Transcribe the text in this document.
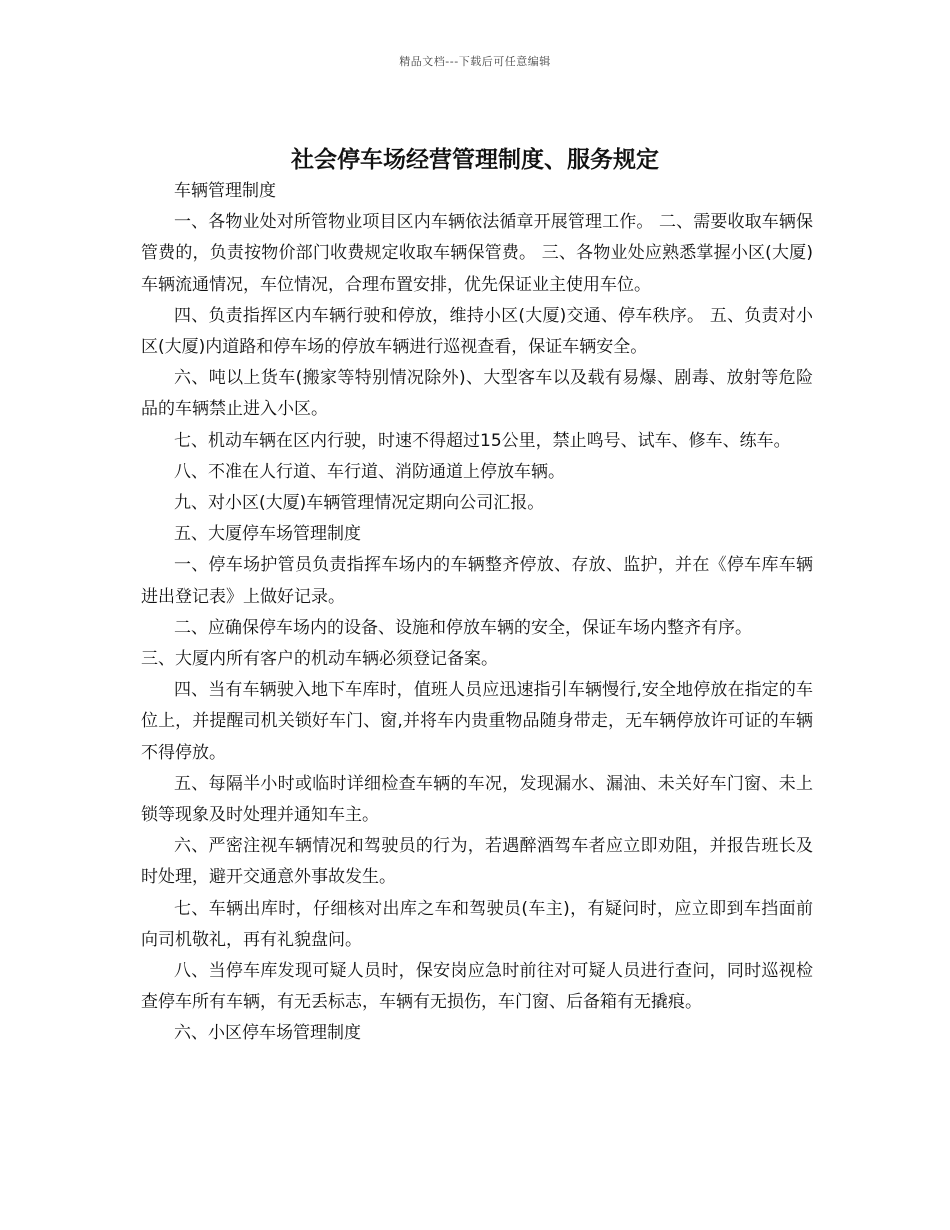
精品文档---下载后可任意编辑
社会停车场经营管理制度、服务规定

车辆管理制度

一、各物业处对所管物业项目区内车辆依法循章开展管理工作。 二、需要收取车辆保管费的，负责按物价部门收费规定收取车辆保管费。 三、各物业处应熟悉掌握小区(大厦)车辆流通情况，车位情况，合理布置安排，优先保证业主使用车位。

四、负责指挥区内车辆行驶和停放，维持小区(大厦)交通、停车秩序。 五、负责对小区(大厦)内道路和停车场的停放车辆进行巡视查看，保证车辆安全。

六、吨以上货车(搬家等特别情况除外)、大型客车以及载有易爆、剧毒、放射等危险品的车辆禁止进入小区。

七、机动车辆在区内行驶，时速不得超过15公里，禁止鸣号、试车、修车、练车。

八、不准在人行道、车行道、消防通道上停放车辆。

九、对小区(大厦)车辆管理情况定期向公司汇报。

五、大厦停车场管理制度

一、停车场护管员负责指挥车场内的车辆整齐停放、存放、监护，并在《停车库车辆进出登记表》上做好记录。

二、应确保停车场内的设备、设施和停放车辆的安全，保证车场内整齐有序。

三、大厦内所有客户的机动车辆必须登记备案。

四、当有车辆驶入地下车库时，值班人员应迅速指引车辆慢行,安全地停放在指定的车位上，并提醒司机关锁好车门、窗,并将车内贵重物品随身带走，无车辆停放许可证的车辆不得停放。

五、每隔半小时或临时详细检查车辆的车况，发现漏水、漏油、未关好车门窗、未上锁等现象及时处理并通知车主。

六、严密注视车辆情况和驾驶员的行为，若遇醉酒驾车者应立即劝阻，并报告班长及时处理，避开交通意外事故发生。

七、车辆出库时，仔细核对出库之车和驾驶员(车主)，有疑问时，应立即到车挡面前向司机敬礼，再有礼貌盘问。

八、当停车库发现可疑人员时，保安岗应急时前往对可疑人员进行查问，同时巡视检查停车所有车辆，有无丢标志，车辆有无损伤，车门窗、后备箱有无撬痕。

六、小区停车场管理制度
